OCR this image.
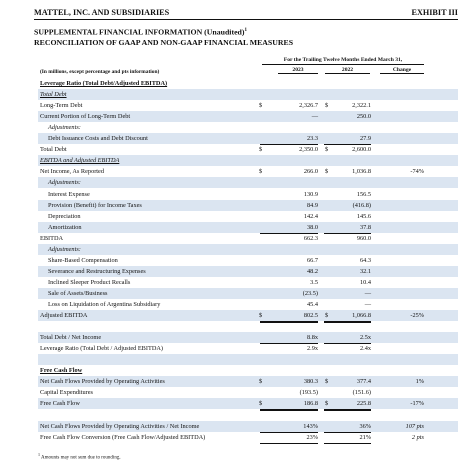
MATTEL, INC. AND SUBSIDIARIES	EXHIBIT III
SUPPLEMENTAL FINANCIAL INFORMATION (Unaudited)$^1$
RECONCILIATION OF GAAP AND NON-GAAP FINANCIAL MEASURES
For the Trailing Twelve Months Ended March 31,
2023	2022	Change
(In millions, except percentage and pts information)
Leverage Ratio (Total Debt/Adjusted EBITDA)
Total Debt
Long-Term Debt	$	2,326.7 $	2,322.1
Current Portion of Long-Term Debt	—	250.0
Adjustments:
Debt Issuance Costs and Debt Discount	23.3	27.9
Total Debt	$	2,350.0 $	2,600.0
EBITDA and Adjusted EBITDA
Net Income, As Reported	$	266.0 $	1,036.8	-74%
Adjustments:
Interest Expense	130.9	156.5
Provision (Benefit) for Income Taxes	84.9	(416.8)
Depreciation	142.4	145.6
Amortization	38.0	37.8
EBITDA	662.3	960.0
Adjustments:
Share-Based Compensation	66.7	64.3
Severance and Restructuring Expenses	48.2	32.1
Inclined Sleeper Product Recalls	3.5	10.4
Sale of Assets/Business	(23.5)	—
Loss on Liquidation of Argentina Subsidiary	45.4	—
Adjusted EBITDA	$	802.5 $	1,066.8	-25%
Total Debt / Net Income	8.8x	2.5x
Leverage Ratio (Total Debt / Adjusted EBITDA)	2.9x	2.4x
Free Cash Flow
Net Cash Flows Provided by Operating Activities	$	380.3 $	377.4	1%
Capital Expenditures	(193.5)	(151.6)
Free Cash Flow	$	186.8 $	225.8	-17%
Net Cash Flows Provided by Operating Activities / Net Income	143%	36%	107 pts
Free Cash Flow Conversion (Free Cash Flow/Adjusted EBITDA)	23%	21%	2 pts
$^1$ Amounts may not sum due to rounding.
